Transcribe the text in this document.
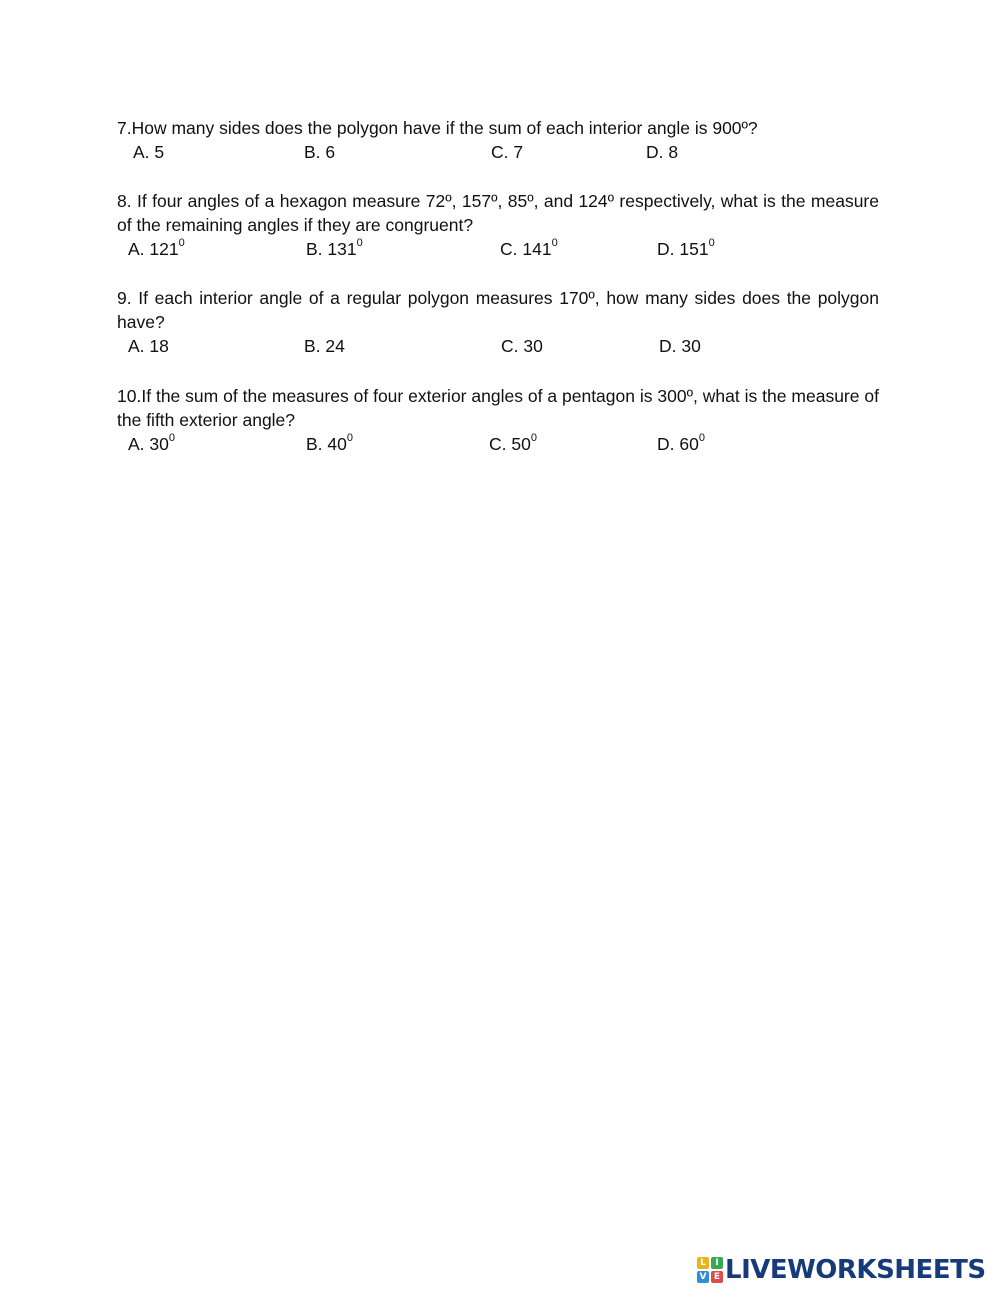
7.How many sides does the polygon have if the sum of each interior angle is 900º?
A. 5	B. 6	C. 7	D. 8
8. If four angles of a hexagon measure 72º, 157º, 85º, and 124º respectively, what is the measure of the remaining angles if they are congruent?
A. $121^0$	B. $131^0$	C. $141^0$	D. $151^0$
9. If each interior angle of a regular polygon measures 170º, how many sides does the polygon have?
A. 18	B. 24	C. 30	D. 30
10.If the sum of the measures of four exterior angles of a pentagon is 300º, what is the measure of the fifth exterior angle?
A. $30^0$	B. $40^0$	C. $50^0$	D. $60^0$
L	I
V E LIVEWORKSHEETS
